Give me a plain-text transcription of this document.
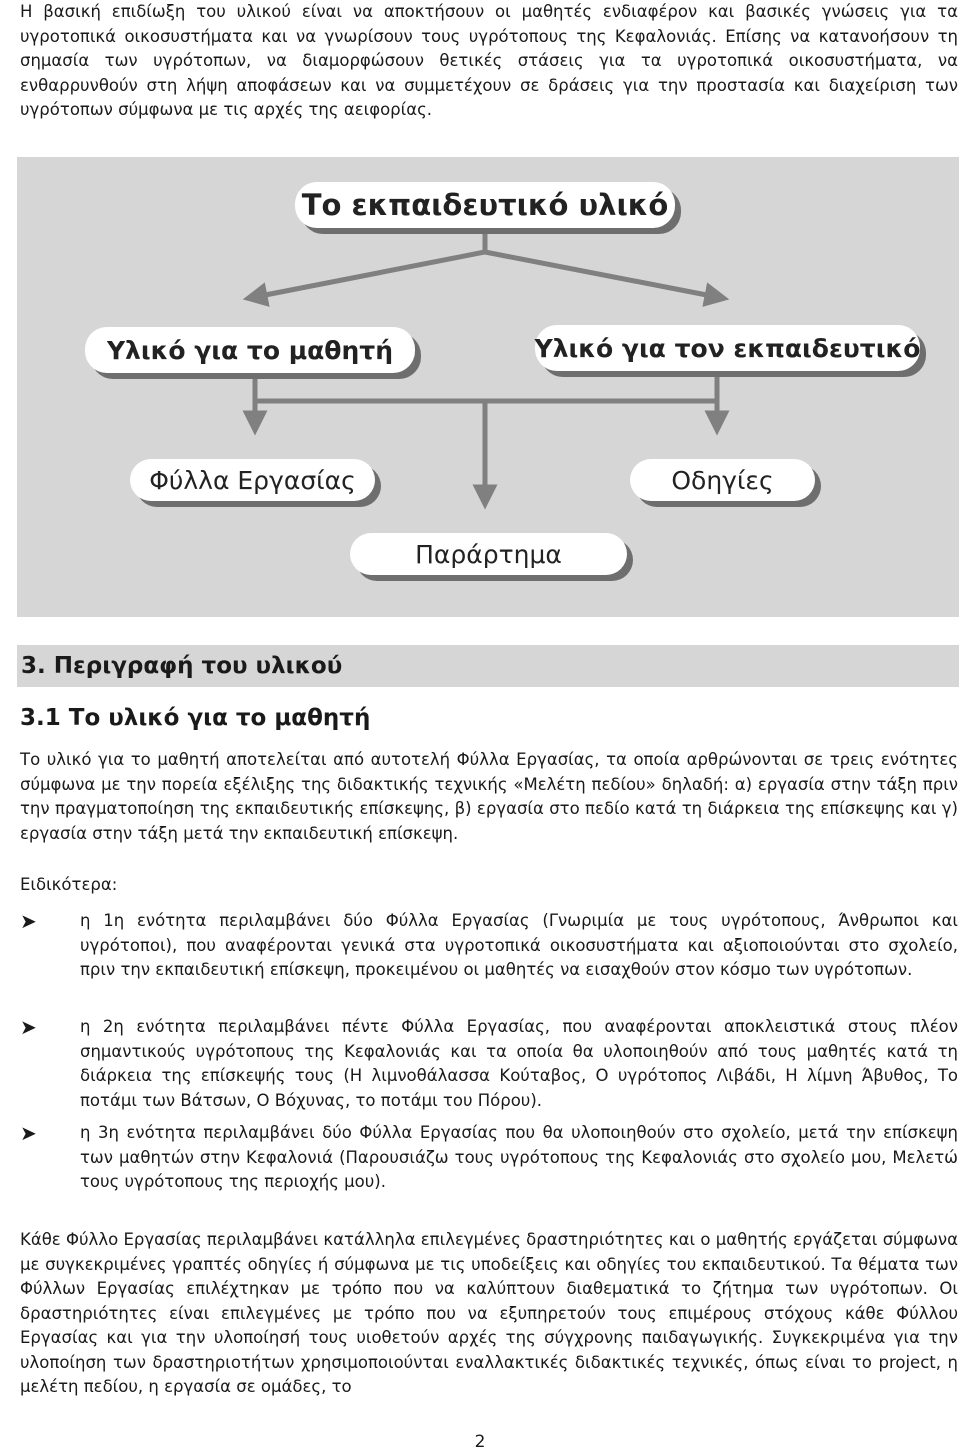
Η βασική επιδίωξη του υλικού είναι να αποκτήσουν οι μαθητές ενδιαφέρον και βασικές γνώσεις για τα υγροτοπικά οικοσυστήματα και να γνωρίσουν τους υγρότοπους της Κεφαλονιάς. Επίσης να κατανοήσουν τη σημασία των υγρότοπων, να διαμορφώσουν θετικές στάσεις για τα υγροτοπικά οικοσυστήματα, να ενθαρρυνθούν στη λήψη αποφάσεων και να συμμετέχουν σε δράσεις για την προστασία και διαχείριση των υγρότοπων σύμφωνα με τις αρχές της αειφορίας.

Το εκπαιδευτικό υλικό
Υλικό για το μαθητή	Υλικό για τον εκπαιδευτικό
Φύλλα Εργασίας	Οδηγίες
Παράρτημα
3. Περιγραφή του υλικού
3.1 Το υλικό για το μαθητή

Το υλικό για το μαθητή αποτελείται από αυτοτελή Φύλλα Εργασίας, τα οποία αρθρώνονται σε τρεις ενότητες σύμφωνα με την πορεία εξέλιξης της διδακτικής τεχνικής «Μελέτη πεδίου» δηλαδή: α) εργασία στην τάξη πριν την πραγματοποίηση της εκπαιδευτικής επίσκεψης, β) εργασία στο πεδίο κατά τη διάρκεια της επίσκεψης και γ) εργασία στην τάξη μετά την εκπαιδευτική επίσκεψη.

Ειδικότερα:

➤	η 1η ενότητα περιλαμβάνει δύο Φύλλα Εργασίας (Γνωριμία με τους υγρότοπους, Άνθρωποι και υγρότοποι), που αναφέρονται γενικά στα υγροτοπικά οικοσυστήματα και αξιοποιούνται στο σχολείο, πριν την εκπαιδευτική επίσκεψη, προκειμένου οι μαθητές να εισαχθούν στον κόσμο των υγρότοπων.

➤	η 2η ενότητα περιλαμβάνει πέντε Φύλλα Εργασίας, που αναφέρονται αποκλειστικά στους πλέον σημαντικούς υγρότοπους της Κεφαλονιάς και τα οποία θα υλοποιηθούν από τους μαθητές κατά τη διάρκεια της επίσκεψής τους (Η λιμνοθάλασσα Κούταβος, Ο υγρότοπος Λιβάδι, Η λίμνη Άβυθος, Το ποτάμι των Βάτσων, Ο Βόχυνας, το ποτάμι του Πόρου).

➤	η 3η ενότητα περιλαμβάνει δύο Φύλλα Εργασίας που θα υλοποιηθούν στο σχολείο, μετά την επίσκεψη των μαθητών στην Κεφαλονιά (Παρουσιάζω τους υγρότοπους της Κεφαλονιάς στο σχολείο μου, Μελετώ τους υγρότοπους της περιοχής μου).

Κάθε Φύλλο Εργασίας περιλαμβάνει κατάλληλα επιλεγμένες δραστηριότητες και ο μαθητής εργάζεται σύμφωνα με συγκεκριμένες γραπτές οδηγίες ή σύμφωνα με τις υποδείξεις και οδηγίες του εκπαιδευτικού. Τα θέματα των Φύλλων Εργασίας επιλέχτηκαν με τρόπο που να καλύπτουν διαθεματικά το ζήτημα των υγρότοπων. Οι δραστηριότητες είναι επιλεγμένες με τρόπο που να εξυπηρετούν τους επιμέρους στόχους κάθε Φύλλου Εργασίας και για την υλοποίησή τους υιοθετούν αρχές της σύγχρονης παιδαγωγικής. Συγκεκριμένα για την υλοποίηση των δραστηριοτήτων χρησιμοποιούνται εναλλακτικές διδακτικές τεχνικές, όπως είναι το project, η μελέτη πεδίου, η εργασία σε ομάδες, το

2
